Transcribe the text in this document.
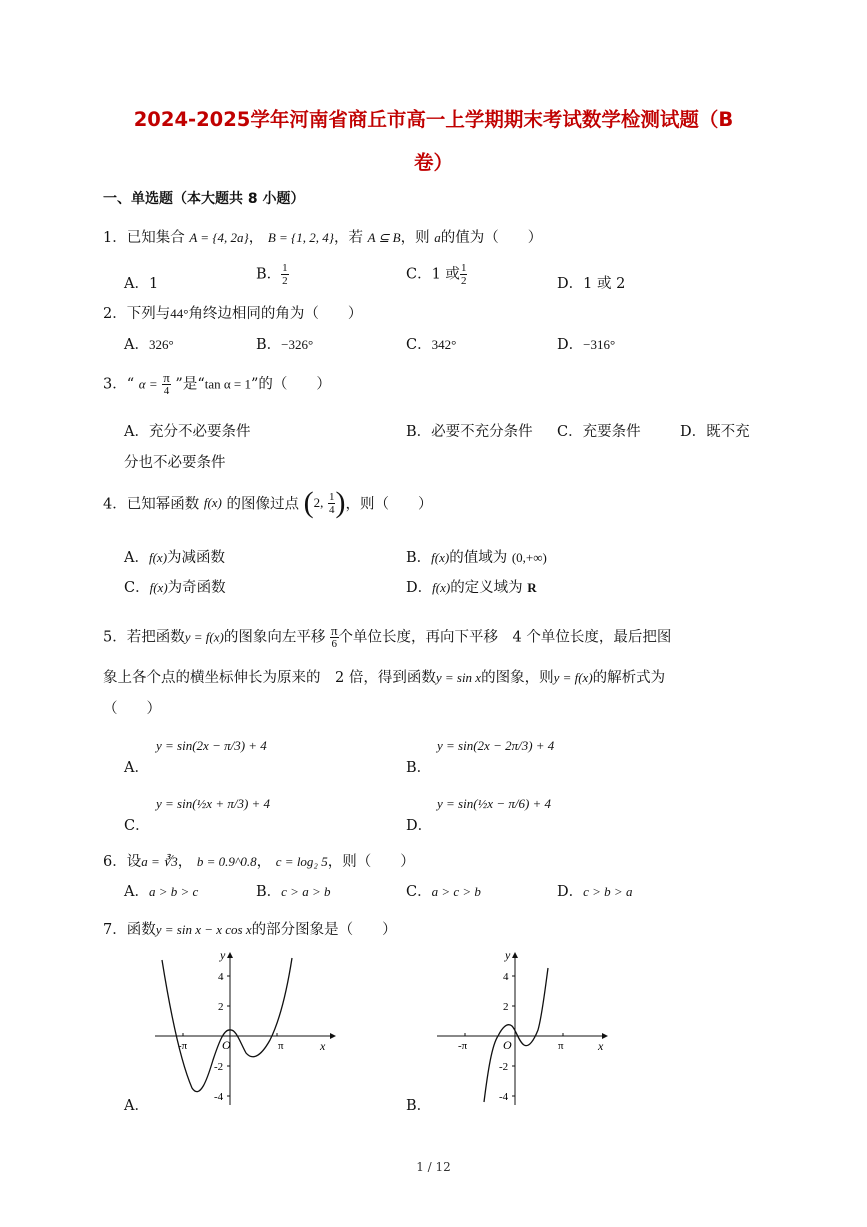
2024-2025学年河南省商丘市高一上学期期末考试数学检测试题（B
卷）
一、单选题（本大题共 8 小题）
1．已知集合 A = {4, 2a}， B = {1, 2, 4}，若 A ⊆ B，则 a的值为（　　）
A．1
B． $\frac{1}{2}$	C．1 或 $\frac{1}{2}$	D．1 或 2
2．下列与44°角终边相同的角为（　　）
A．326°	B．−326°	C．342°	D．−316°
3．“ $\alpha = \frac{\pi}{4}$ ”是“tan α = 1”的（　　）
A．充分不必要条件	B．必要不充分条件 C．充要条件	D．既不充
分也不必要条件
4．已知幂函数 f(x) 的图像过点 (2, $\frac{1}{4}$ )，则（　　）
A．f(x)为减函数	B．f(x)的值域为 (0,+∞)
C．f(x)为奇函数	D．f(x)的定义域为 R
5．若把函数y = f(x)的图象向左平移 $\frac{\pi}{6}$ 个单位长度，再向下平移　4 个单位长度，最后把图
象上各个点的横坐标伸长为原来的　2 倍，得到函数y = sin x的图象，则y = f(x)的解析式为
（　　）
A．
y = sin(2x − π/3) + 4
B．
y = sin(2x − 2π/3) + 4
C．
y = sin(½x + π/3) + 4
D．
y = sin(½x − π/6) + 4
6．设a = ∛3， b = 0.9^0.8， c = log₂ 5，则（　　）
A．a > b > c	B．c > a > b	C．a > c > b	D．c > b > a
7．函数y = sin x − x cos x的部分图象是（　　）
y
x
O
-π	π
4
2
-2
-4
A．
y
x
O
-π	π
4
2
-2
-4
B．
1 / 12
